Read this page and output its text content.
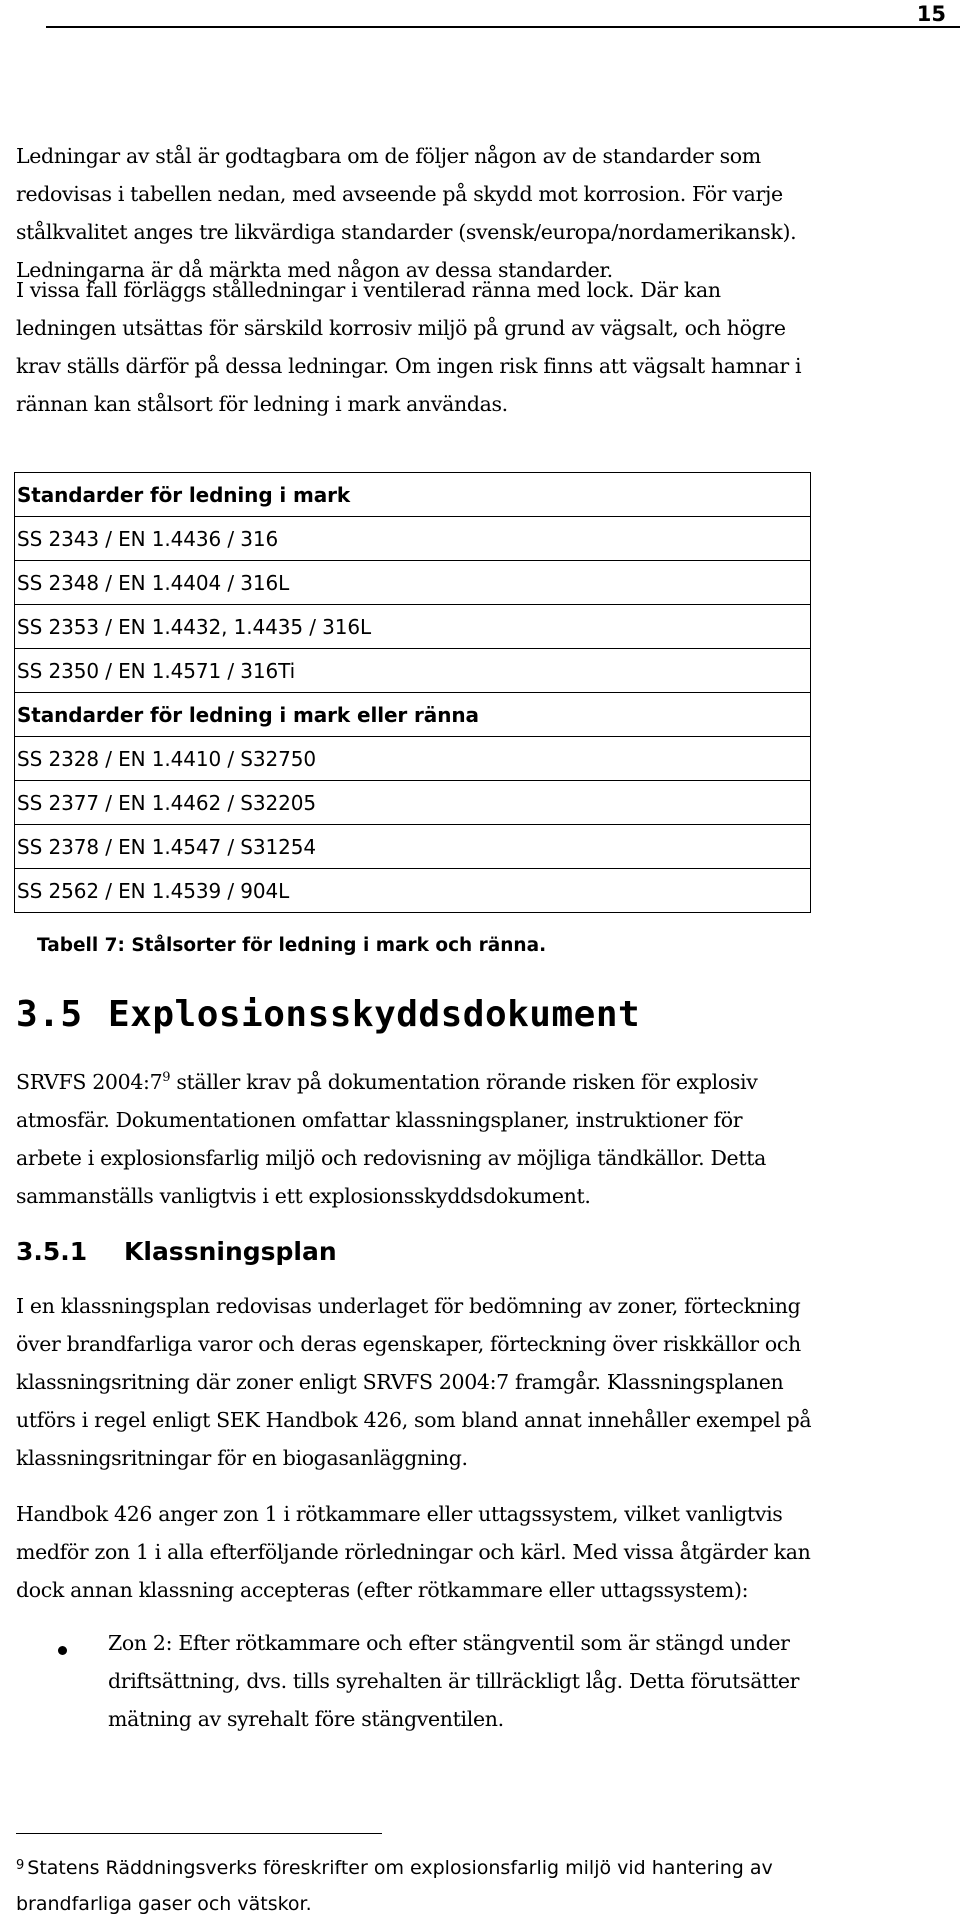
15

Ledningar av stål är godtagbara om de följer någon av de standarder som
redovisas i tabellen nedan, med avseende på skydd mot korrosion. För varje
stålkvalitet anges tre likvärdiga standarder (svensk/europa/nordamerikansk).
Ledningarna är då märkta med någon av dessa standarder.

I vissa fall förläggs stålledningar i ventilerad ränna med lock. Där kan
ledningen utsättas för särskild korrosiv miljö på grund av vägsalt, och högre
krav ställs därför på dessa ledningar. Om ingen risk finns att vägsalt hamnar i
rännan kan stålsort för ledning i mark användas.

Standarder för ledning i mark
SS 2343 / EN 1.4436 / 316
SS 2348 / EN 1.4404 / 316L
SS 2353 / EN 1.4432, 1.4435 / 316L
SS 2350 / EN 1.4571 / 316Ti
Standarder för ledning i mark eller ränna
SS 2328 / EN 1.4410 / S32750
SS 2377 / EN 1.4462 / S32205
SS 2378 / EN 1.4547 / S31254
SS 2562 / EN 1.4539 / 904L
Tabell 7: Stålsorter för ledning i mark och ränna.
3.5 Explosionsskyddsdokument

SRVFS 2004:7$^9$ ställer krav på dokumentation rörande risken för explosiv
atmosfär. Dokumentationen omfattar klassningsplaner, instruktioner för
arbete i explosionsfarlig miljö och redovisning av möjliga tändkällor. Detta
sammanställs vanligtvis i ett explosionsskyddsdokument.

3.5.1 Klassningsplan

I en klassningsplan redovisas underlaget för bedömning av zoner, förteckning
över brandfarliga varor och deras egenskaper, förteckning över riskkällor och
klassningsritning där zoner enligt SRVFS 2004:7 framgår. Klassningsplanen
utförs i regel enligt SEK Handbok 426, som bland annat innehåller exempel på
klassningsritningar för en biogasanläggning.

Handbok 426 anger zon 1 i rötkammare eller uttagssystem, vilket vanligtvis
medför zon 1 i alla efterföljande rörledningar och kärl. Med vissa åtgärder kan
dock annan klassning accepteras (efter rötkammare eller uttagssystem):

Zon 2: Efter rötkammare och efter stängventil som är stängd under
driftsättning, dvs. tills syrehalten är tillräckligt låg. Detta förutsätter
mätning av syrehalt före stängventilen.

$^9$ Statens Räddningsverks föreskrifter om explosionsfarlig miljö vid hantering av
brandfarliga gaser och vätskor.
